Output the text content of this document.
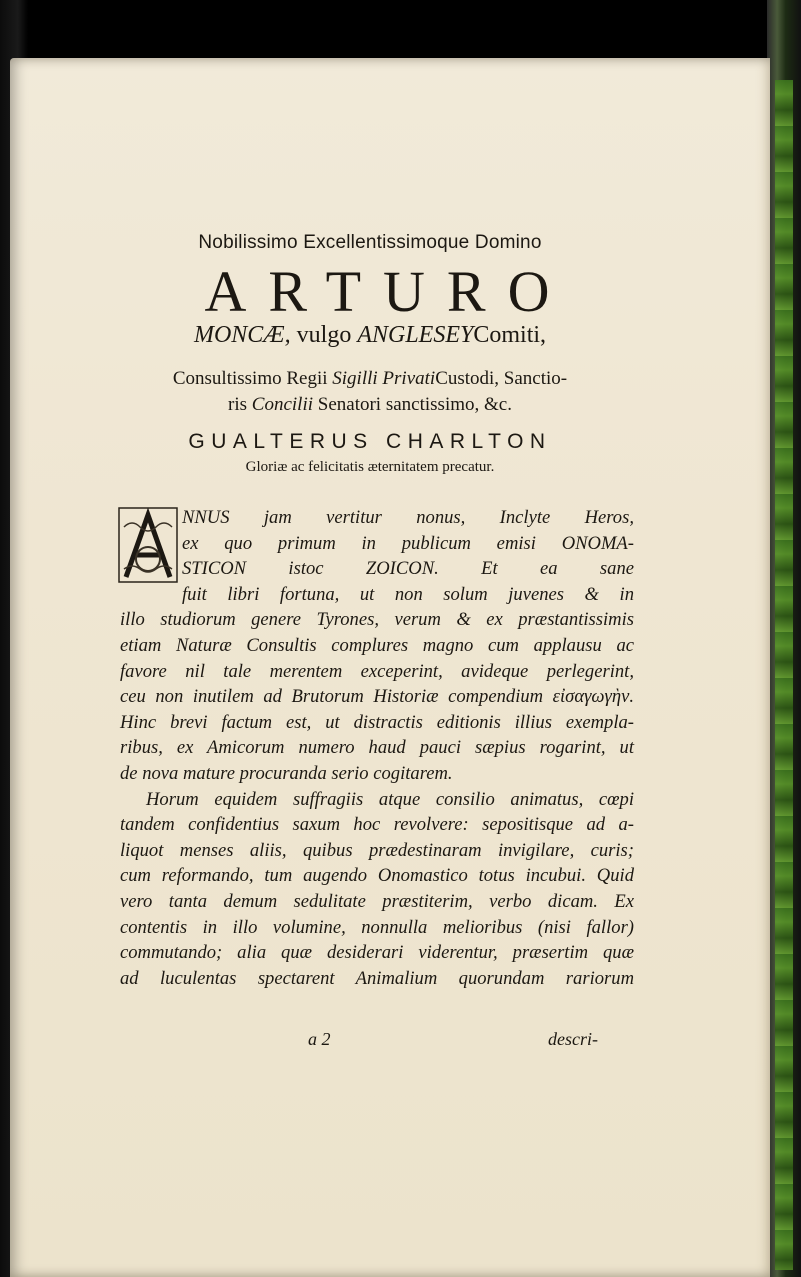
Nobilissimo Excellentissimoque Domino
ARTURO
MONCÆ, vulgo ANGLESEYComiti,
Consultissimo Regii Sigilli PrivatiCustodi, Sanctio-
ris Concilii Senatori sanctissimo, &c.
GUALTERUS CHARLTON
Gloriæ ac felicitatis æternitatem precatur.
NNUS jam vertitur nonus, Inclyte Heros,
ex quo primum in publicum emisi ONOMA-
STICON istoc ZOICON. Et ea sane
fuit libri fortuna, ut non solum juvenes & in
illo studiorum genere Tyrones, verum & ex præstantissimis
etiam Naturæ Consultis complures magno cum applausu ac
favore nil tale merentem exceperint, avideque perlegerint,
ceu non inutilem ad Brutorum Historiæ compendium εἰσαγωγὴν.
Hinc brevi factum est, ut distractis editionis illius exempla-
ribus, ex Amicorum numero haud pauci sæpius rogarint, ut
de nova mature procuranda serio cogitarem.
Horum equidem suffragiis atque consilio animatus, cœpi
tandem confidentius saxum hoc revolvere: sepositisque ad a-
liquot menses aliis, quibus prædestinaram invigilare, curis;
cum reformando, tum augendo Onomastico totus incubui. Quid
vero tanta demum sedulitate præstiterim, verbo dicam. Ex
contentis in illo volumine, nonnulla melioribus (nisi fallor)
commutando; alia quæ desiderari viderentur, præsertim quæ
ad luculentas spectarent Animalium quorundam rariorum
a 2	descri-
